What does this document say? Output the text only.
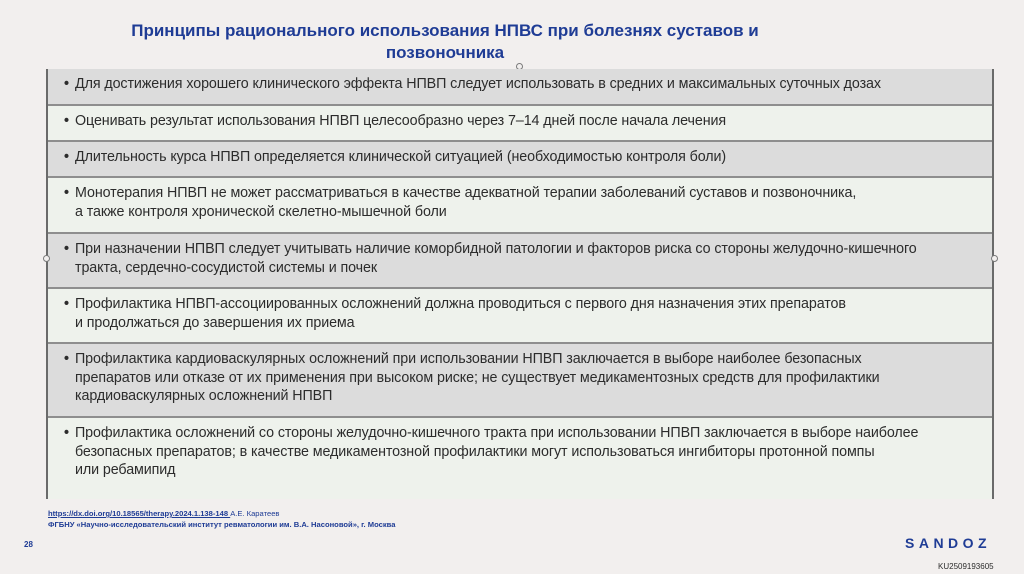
Принципы рационального использования НПВС при болезнях суставов и
позвоночника
• Для достижения хорошего клинического эффекта НПВП следует использовать в средних и максимальных суточных дозах
• Оценивать результат использования НПВП целесообразно через 7–14 дней после начала лечения
• Длительность курса НПВП определяется клинической ситуацией (необходимостью контроля боли)
• Монотерапия НПВП не может рассматриваться в качестве адекватной терапии заболеваний суставов и позвоночника,
а также контроля хронической скелетно-мышечной боли
• При назначении НПВП следует учитывать наличие коморбидной патологии и факторов риска со стороны желудочно-кишечного
тракта, сердечно-сосудистой системы и почек
• Профилактика НПВП-ассоциированных осложнений должна проводиться с первого дня назначения этих препаратов
и продолжаться до завершения их приема
• Профилактика кардиоваскулярных осложнений при использовании НПВП заключается в выборе наиболее безопасных
препаратов или отказе от их применения при высоком риске; не существует медикаментозных средств для профилактики
кардиоваскулярных осложнений НПВП
• Профилактика осложнений со стороны желудочно-кишечного тракта при использовании НПВП заключается в выборе наиболее
безопасных препаратов; в качестве медикаментозной профилактики могут использоваться ингибиторы протонной помпы
или ребамипид
https://dx.doi.org/10.18565/therapy.2024.1.138-148 А.Е. Каратеев
ФГБНУ «Научно-исследовательский институт ревматологии им. В.А. Насоновой», г. Москва
28	SANDOZ
KU2509193605
